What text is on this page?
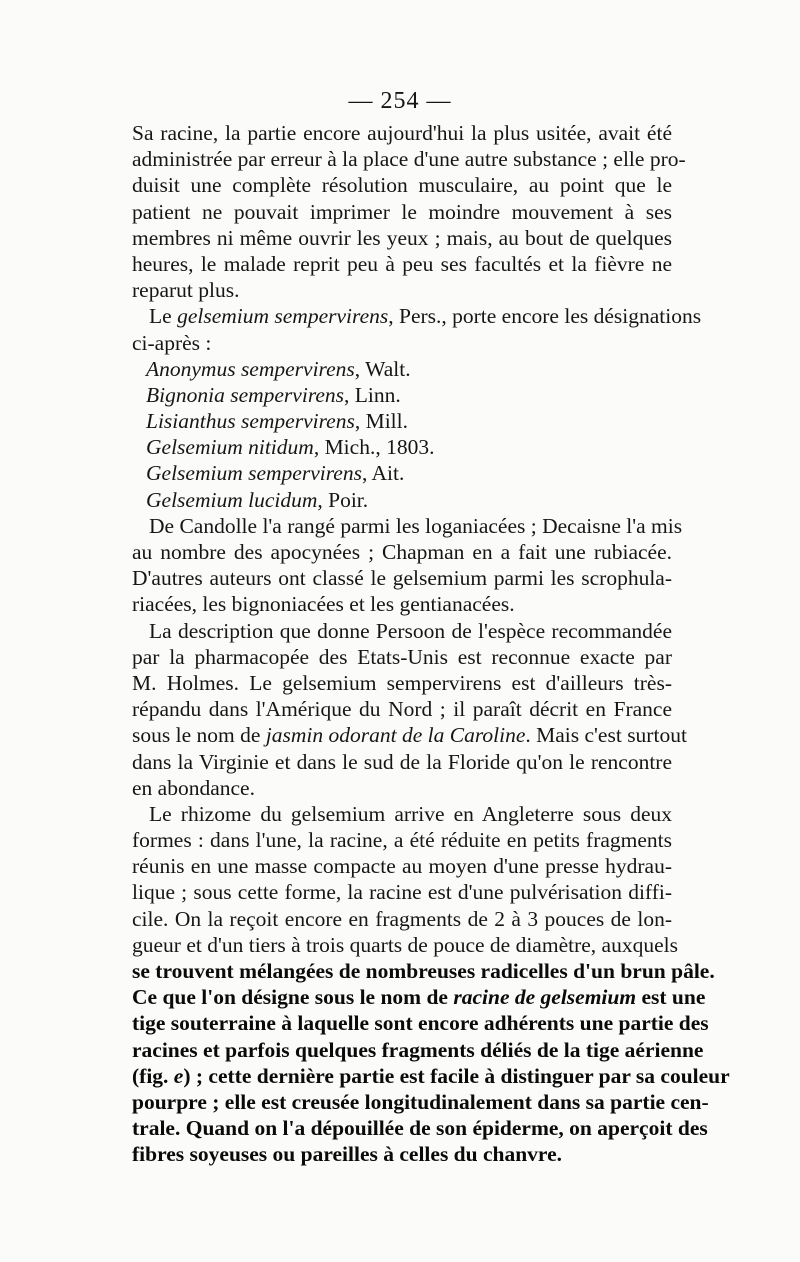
— 254 —
Sa racine, la partie encore aujourd'hui la plus usitée, avait été
administrée par erreur à la place d'une autre substance ; elle pro-
duisit une complète résolution musculaire, au point que le
patient ne pouvait imprimer le moindre mouvement à ses
membres ni même ouvrir les yeux ; mais, au bout de quelques
heures, le malade reprit peu à peu ses facultés et la fièvre ne
reparut plus.
Le gelsemium sempervirens, Pers., porte encore les désignations
ci-après :
Anonymus sempervirens, Walt.
Bignonia sempervirens, Linn.
Lisianthus sempervirens, Mill.
Gelsemium nitidum, Mich., 1803.
Gelsemium sempervirens, Ait.
Gelsemium lucidum, Poir.
De Candolle l'a rangé parmi les loganiacées ; Decaisne l'a mis
au nombre des apocynées ; Chapman en a fait une rubiacée.
D'autres auteurs ont classé le gelsemium parmi les scrophula-
riacées, les bignoniacées et les gentianacées.
La description que donne Persoon de l'espèce recommandée
par la pharmacopée des Etats-Unis est reconnue exacte par
M. Holmes. Le gelsemium sempervirens est d'ailleurs très-
répandu dans l'Amérique du Nord ; il paraît décrit en France
sous le nom de jasmin odorant de la Caroline. Mais c'est surtout
dans la Virginie et dans le sud de la Floride qu'on le rencontre
en abondance.
Le rhizome du gelsemium arrive en Angleterre sous deux
formes : dans l'une, la racine, a été réduite en petits fragments
réunis en une masse compacte au moyen d'une presse hydrau-
lique ; sous cette forme, la racine est d'une pulvérisation diffi-
cile. On la reçoit encore en fragments de 2 à 3 pouces de lon-
gueur et d'un tiers à trois quarts de pouce de diamètre, auxquels
se trouvent mélangées de nombreuses radicelles d'un brun pâle.
Ce que l'on désigne sous le nom de racine de gelsemium est une
tige souterraine à laquelle sont encore adhérents une partie des
racines et parfois quelques fragments déliés de la tige aérienne
(fig. e) ; cette dernière partie est facile à distinguer par sa couleur
pourpre ; elle est creusée longitudinalement dans sa partie cen-
trale. Quand on l'a dépouillée de son épiderme, on aperçoit des
fibres soyeuses ou pareilles à celles du chanvre.
